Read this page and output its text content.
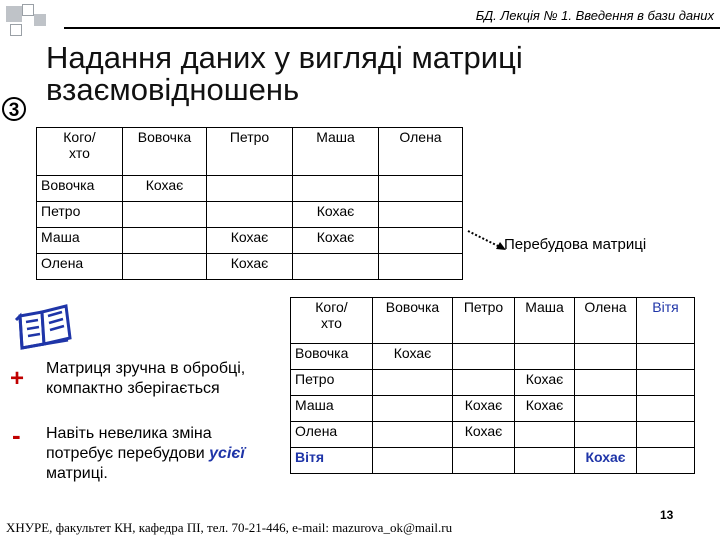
БД. Лекція № 1. Введення в бази даних
3
Надання даних у вигляді матриці
взаємовідношень
Кого/
хто	Вовочка	Петро	Маша	Олена
Вовочка	Кохає			
Петро			Кохає	
Маша		Кохає	Кохає	
Олена		Кохає		
Перебудова матриці
Кого/
хто	Вовочка	Петро	Маша	Олена	Вітя
Вовочка	Кохає				
Петро			Кохає		
Маша		Кохає	Кохає		
Олена		Кохає			
Вітя				Кохає	
+ Матриця зручна в обробці,
компактно зберігається
- Навіть невелика зміна
потребує перебудови усієї
матриці.
ХНУРЕ, факультет КН, кафедра ПІ, тел. 70-21-446, e-mail: mazurova_ok@mail.ru
13
